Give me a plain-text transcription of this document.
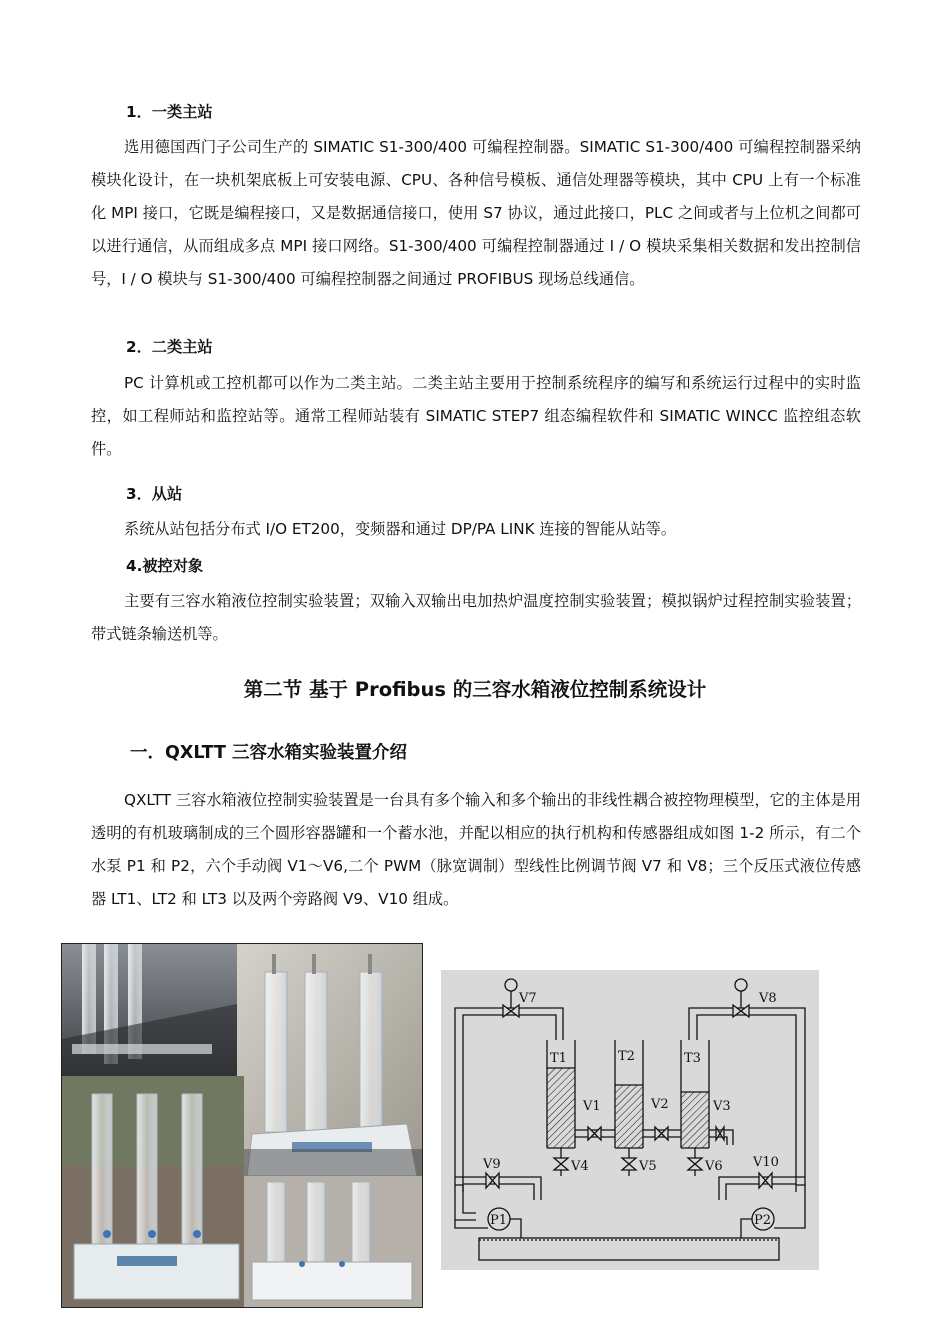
1．一类主站

选用德国西门子公司生产的 SIMATIC S1-300/400 可编程控制器。SIMATIC S1-300/400 可编程控制器采纳模块化设计，在一块机架底板上可安装电源、CPU、各种信号模板、通信处理器等模块，其中 CPU 上有一个标准化 MPI 接口，它既是编程接口，又是数据通信接口，使用 S7 协议，通过此接口，PLC 之间或者与上位机之间都可以进行通信，从而组成多点 MPI 接口网络。S1-300/400 可编程控制器通过 I / O 模块采集相关数据和发出控制信号，I / O 模块与 S1-300/400 可编程控制器之间通过 PROFIBUS 现场总线通信。

2．二类主站

PC 计算机或工控机都可以作为二类主站。二类主站主要用于控制系统程序的编写和系统运行过程中的实时监控，如工程师站和监控站等。通常工程师站装有 SIMATIC STEP7 组态编程软件和 SIMATIC WINCC 监控组态软件。

3．从站

系统从站包括分布式 I/O ET200，变频器和通过 DP/PA LINK 连接的智能从站等。

4.被控对象

主要有三容水箱液位控制实验装置；双输入双输出电加热炉温度控制实验装置；模拟锅炉过程控制实验装置；带式链条输送机等。

第二节 基于 Profibus 的三容水箱液位控制系统设计
一．QXLTT 三容水箱实验装置介绍

QXLTT 三容水箱液位控制实验装置是一台具有多个输入和多个输出的非线性耦合被控物理模型，它的主体是用透明的有机玻璃制成的三个圆形容器罐和一个蓄水池，并配以相应的执行机构和传感器组成如图 1-2 所示，有二个水泵 P1 和 P2，六个手动阀 V1～V6,二个 PWM（脉宽调制）型线性比例调节阀 V7 和 V8；三个反压式液位传感器 LT1、LT2 和 LT3 以及两个旁路阀 V9、V10 组成。

V7	V8
T1	T2	T3
V1	V2	V3
V4	V5	V6
V9	V10
P1	P2
